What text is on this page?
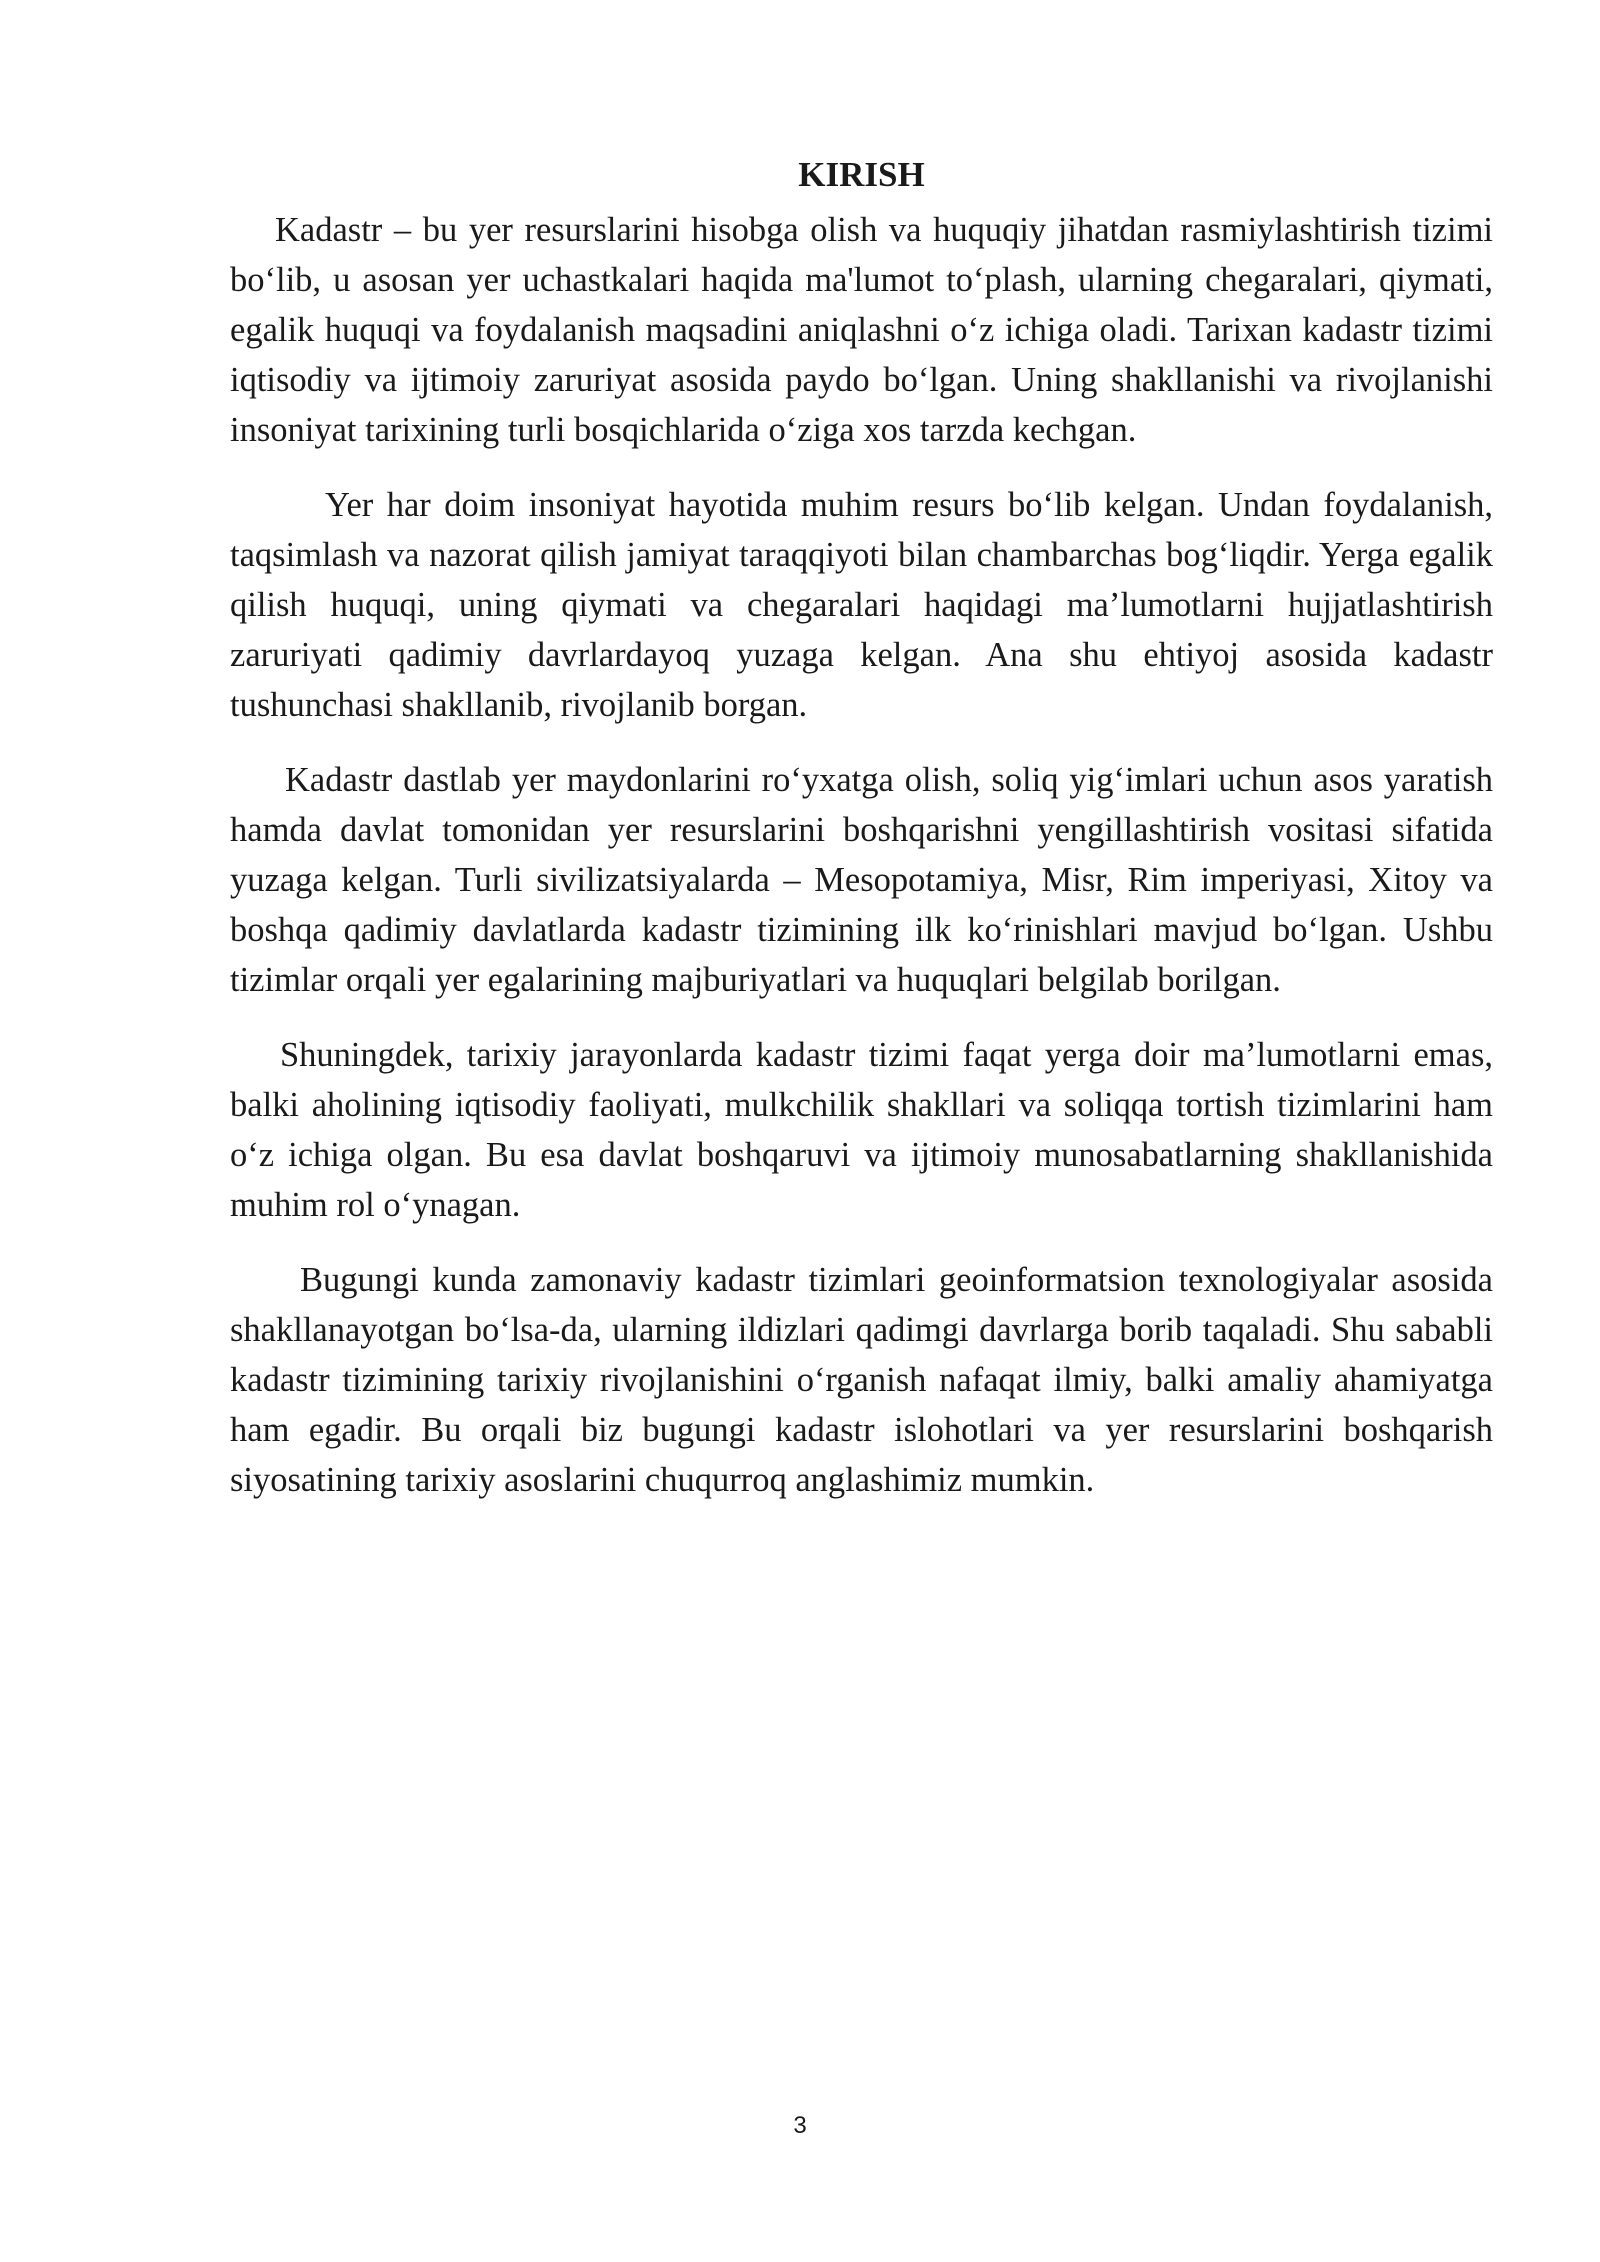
KIRISH

Kadastr – bu yer resurslarini hisobga olish va huquqiy jihatdan rasmiylashtirish tizimi bo‘lib, u asosan yer uchastkalari haqida ma'lumot to‘plash, ularning chegaralari, qiymati, egalik huquqi va foydalanish maqsadini aniqlashni o‘z ichiga oladi. Tarixan kadastr tizimi iqtisodiy va ijtimoiy zaruriyat asosida paydo bo‘lgan. Uning shakllanishi va rivojlanishi insoniyat tarixining turli bosqichlarida o‘ziga xos tarzda kechgan.

Yer har doim insoniyat hayotida muhim resurs bo‘lib kelgan. Undan foydalanish, taqsimlash va nazorat qilish jamiyat taraqqiyoti bilan chambarchas bog‘liqdir. Yerga egalik qilish huquqi, uning qiymati va chegaralari haqidagi ma’lumotlarni hujjatlashtirish zaruriyati qadimiy davrlardayoq yuzaga kelgan. Ana shu ehtiyoj asosida kadastr tushunchasi shakllanib, rivojlanib borgan.

Kadastr dastlab yer maydonlarini ro‘yxatga olish, soliq yig‘imlari uchun asos yaratish hamda davlat tomonidan yer resurslarini boshqarishni yengillashtirish vositasi sifatida yuzaga kelgan. Turli sivilizatsiyalarda – Mesopotamiya, Misr, Rim imperiyasi, Xitoy va boshqa qadimiy davlatlarda kadastr tizimining ilk ko‘rinishlari mavjud bo‘lgan. Ushbu tizimlar orqali yer egalarining majburiyatlari va huquqlari belgilab borilgan.

Shuningdek, tarixiy jarayonlarda kadastr tizimi faqat yerga doir ma’lumotlarni emas, balki aholining iqtisodiy faoliyati, mulkchilik shakllari va soliqqa tortish tizimlarini ham o‘z ichiga olgan. Bu esa davlat boshqaruvi va ijtimoiy munosabatlarning shakllanishida muhim rol o‘ynagan.

Bugungi kunda zamonaviy kadastr tizimlari geoinformatsion texnologiyalar asosida shakllanayotgan bo‘lsa-da, ularning ildizlari qadimgi davrlarga borib taqaladi. Shu sababli kadastr tizimining tarixiy rivojlanishini o‘rganish nafaqat ilmiy, balki amaliy ahamiyatga ham egadir. Bu orqali biz bugungi kadastr islohotlari va yer resurslarini boshqarish siyosatining tarixiy asoslarini chuqurroq anglashimiz mumkin.

3
